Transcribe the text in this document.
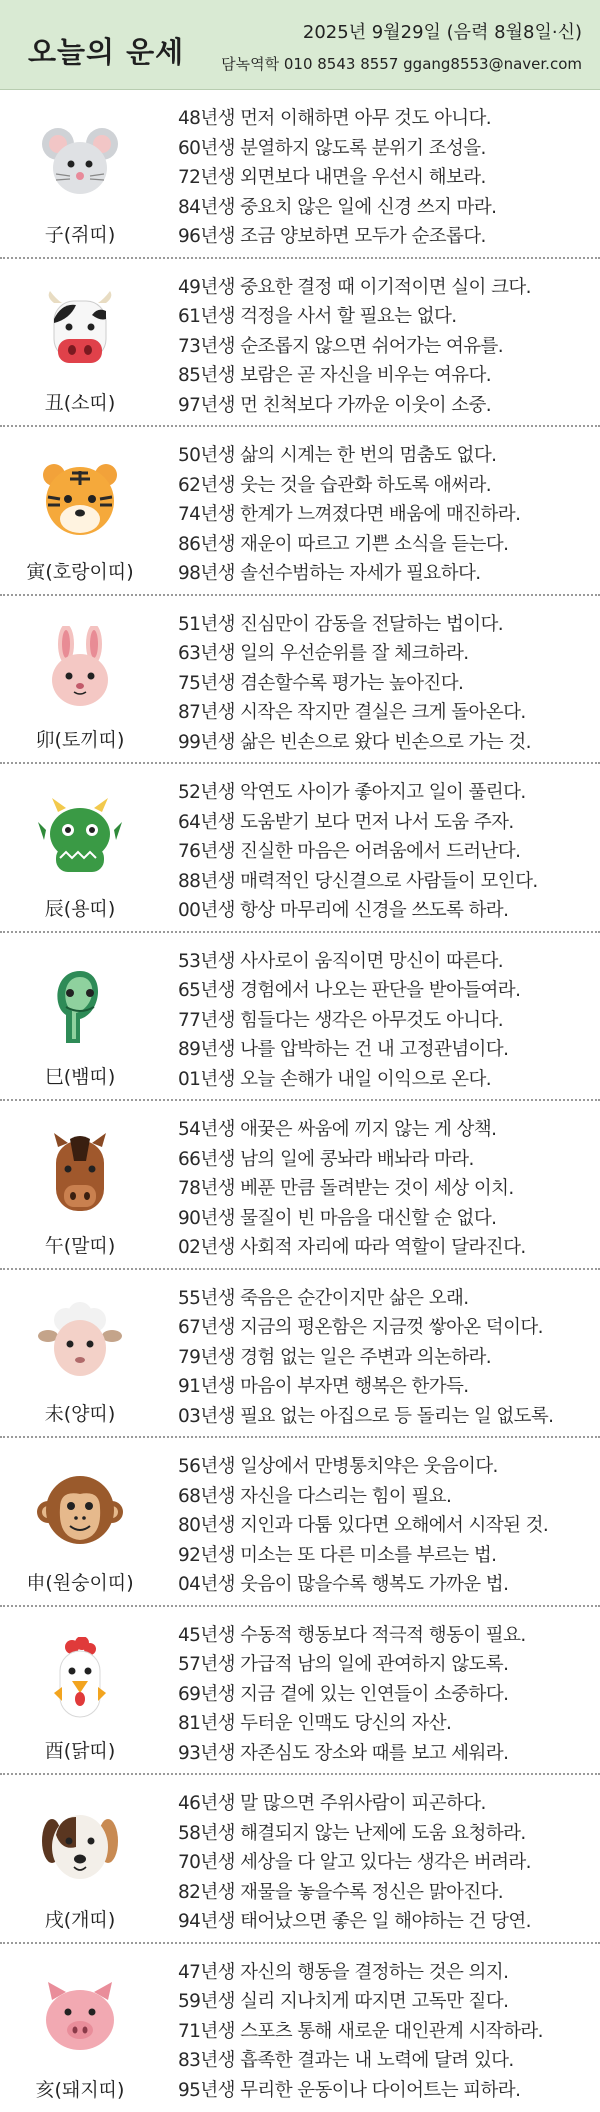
오늘의 운세
2025년 9월29일 (음력 8월8일·신)
담녹역학 010 8543 8557 ggang8553@naver.com
子(쥐띠)
48년생 먼저 이해하면 아무 것도 아니다.
60년생 분열하지 않도록 분위기 조성을.
72년생 외면보다 내면을 우선시 해보라.
84년생 중요치 않은 일에 신경 쓰지 마라.
96년생 조금 양보하면 모두가 순조롭다.
丑(소띠)
49년생 중요한 결정 때 이기적이면 실이 크다.
61년생 걱정을 사서 할 필요는 없다.
73년생 순조롭지 않으면 쉬어가는 여유를.
85년생 보람은 곧 자신을 비우는 여유다.
97년생 먼 친척보다 가까운 이웃이 소중.
寅(호랑이띠)
50년생 삶의 시계는 한 번의 멈춤도 없다.
62년생 웃는 것을 습관화 하도록 애써라.
74년생 한계가 느껴졌다면 배움에 매진하라.
86년생 재운이 따르고 기쁜 소식을 듣는다.
98년생 솔선수범하는 자세가 필요하다.
卯(토끼띠)
51년생 진심만이 감동을 전달하는 법이다.
63년생 일의 우선순위를 잘 체크하라.
75년생 겸손할수록 평가는 높아진다.
87년생 시작은 작지만 결실은 크게 돌아온다.
99년생 삶은 빈손으로 왔다 빈손으로 가는 것.
辰(용띠)
52년생 악연도 사이가 좋아지고 일이 풀린다.
64년생 도움받기 보다 먼저 나서 도움 주자.
76년생 진실한 마음은 어려움에서 드러난다.
88년생 매력적인 당신결으로 사람들이 모인다.
00년생 항상 마무리에 신경을 쓰도록 하라.
巳(뱀띠)
53년생 사사로이 움직이면 망신이 따른다.
65년생 경험에서 나오는 판단을 받아들여라.
77년생 힘들다는 생각은 아무것도 아니다.
89년생 나를 압박하는 건 내 고정관념이다.
01년생 오늘 손해가 내일 이익으로 온다.
午(말띠)
54년생 애꿎은 싸움에 끼지 않는 게 상책.
66년생 남의 일에 콩놔라 배놔라 마라.
78년생 베푼 만큼 돌려받는 것이 세상 이치.
90년생 물질이 빈 마음을 대신할 순 없다.
02년생 사회적 자리에 따라 역할이 달라진다.
未(양띠)
55년생 죽음은 순간이지만 삶은 오래.
67년생 지금의 평온함은 지금껏 쌓아온 덕이다.
79년생 경험 없는 일은 주변과 의논하라.
91년생 마음이 부자면 행복은 한가득.
03년생 필요 없는 아집으로 등 돌리는 일 없도록.
申(원숭이띠)
56년생 일상에서 만병통치약은 웃음이다.
68년생 자신을 다스리는 힘이 필요.
80년생 지인과 다툼 있다면 오해에서 시작된 것.
92년생 미소는 또 다른 미소를 부르는 법.
04년생 웃음이 많을수록 행복도 가까운 법.
酉(닭띠)
45년생 수동적 행동보다 적극적 행동이 필요.
57년생 가급적 남의 일에 관여하지 않도록.
69년생 지금 곁에 있는 인연들이 소중하다.
81년생 두터운 인맥도 당신의 자산.
93년생 자존심도 장소와 때를 보고 세워라.
戌(개띠)
46년생 말 많으면 주위사람이 피곤하다.
58년생 해결되지 않는 난제에 도움 요청하라.
70년생 세상을 다 알고 있다는 생각은 버려라.
82년생 재물을 놓을수록 정신은 맑아진다.
94년생 태어났으면 좋은 일 해야하는 건 당연.
亥(돼지띠)
47년생 자신의 행동을 결정하는 것은 의지.
59년생 실리 지나치게 따지면 고독만 짙다.
71년생 스포츠 통해 새로운 대인관계 시작하라.
83년생 흡족한 결과는 내 노력에 달려 있다.
95년생 무리한 운동이나 다이어트는 피하라.
